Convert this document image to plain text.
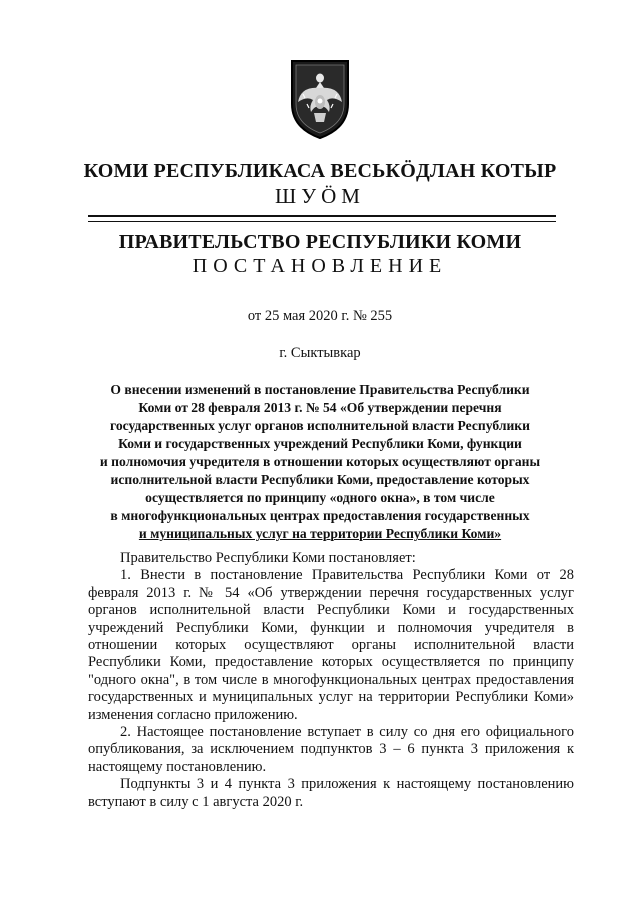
КОМИ РЕСПУБЛИКАСА ВЕСЬКӦДЛАН КОТЫР
ШУӦМ
ПРАВИТЕЛЬСТВО РЕСПУБЛИКИ КОМИ
ПОСТАНОВЛЕНИЕ
от 25 мая 2020 г. № 255
г. Сыктывкар
О внесении изменений в постановление Правительства Республики
Коми от 28 февраля 2013 г. № 54 «Об утверждении перечня
государственных услуг органов исполнительной власти Республики
Коми и государственных учреждений Республики Коми, функции
и полномочия учредителя в отношении которых осуществляют органы
исполнительной власти Республики Коми, предоставление которых
осуществляется по принципу «одного окна», в том числе
в многофункциональных центрах предоставления государственных
и муниципальных услуг на территории Республики Коми»

Правительство Республики Коми постановляет:

1. Внести в постановление Правительства Республики Коми от 28 февраля 2013 г. № 54 «Об утверждении перечня государственных услуг органов исполнительной власти Республики Коми и государственных учреждений Республики Коми, функции и полномочия учредителя в отношении которых осуществляют органы исполнительной власти Республики Коми, предоставление которых осуществляется по принципу "одного окна", в том числе в многофункциональных центрах предоставления государственных и муниципальных услуг на территории Республики Коми» изменения согласно приложению.

2. Настоящее постановление вступает в силу со дня его официального опубликования, за исключением подпунктов 3 – 6 пункта 3 приложения к настоящему постановлению.

Подпункты 3 и 4 пункта 3 приложения к настоящему постановлению вступают в силу с 1 августа 2020 г.
